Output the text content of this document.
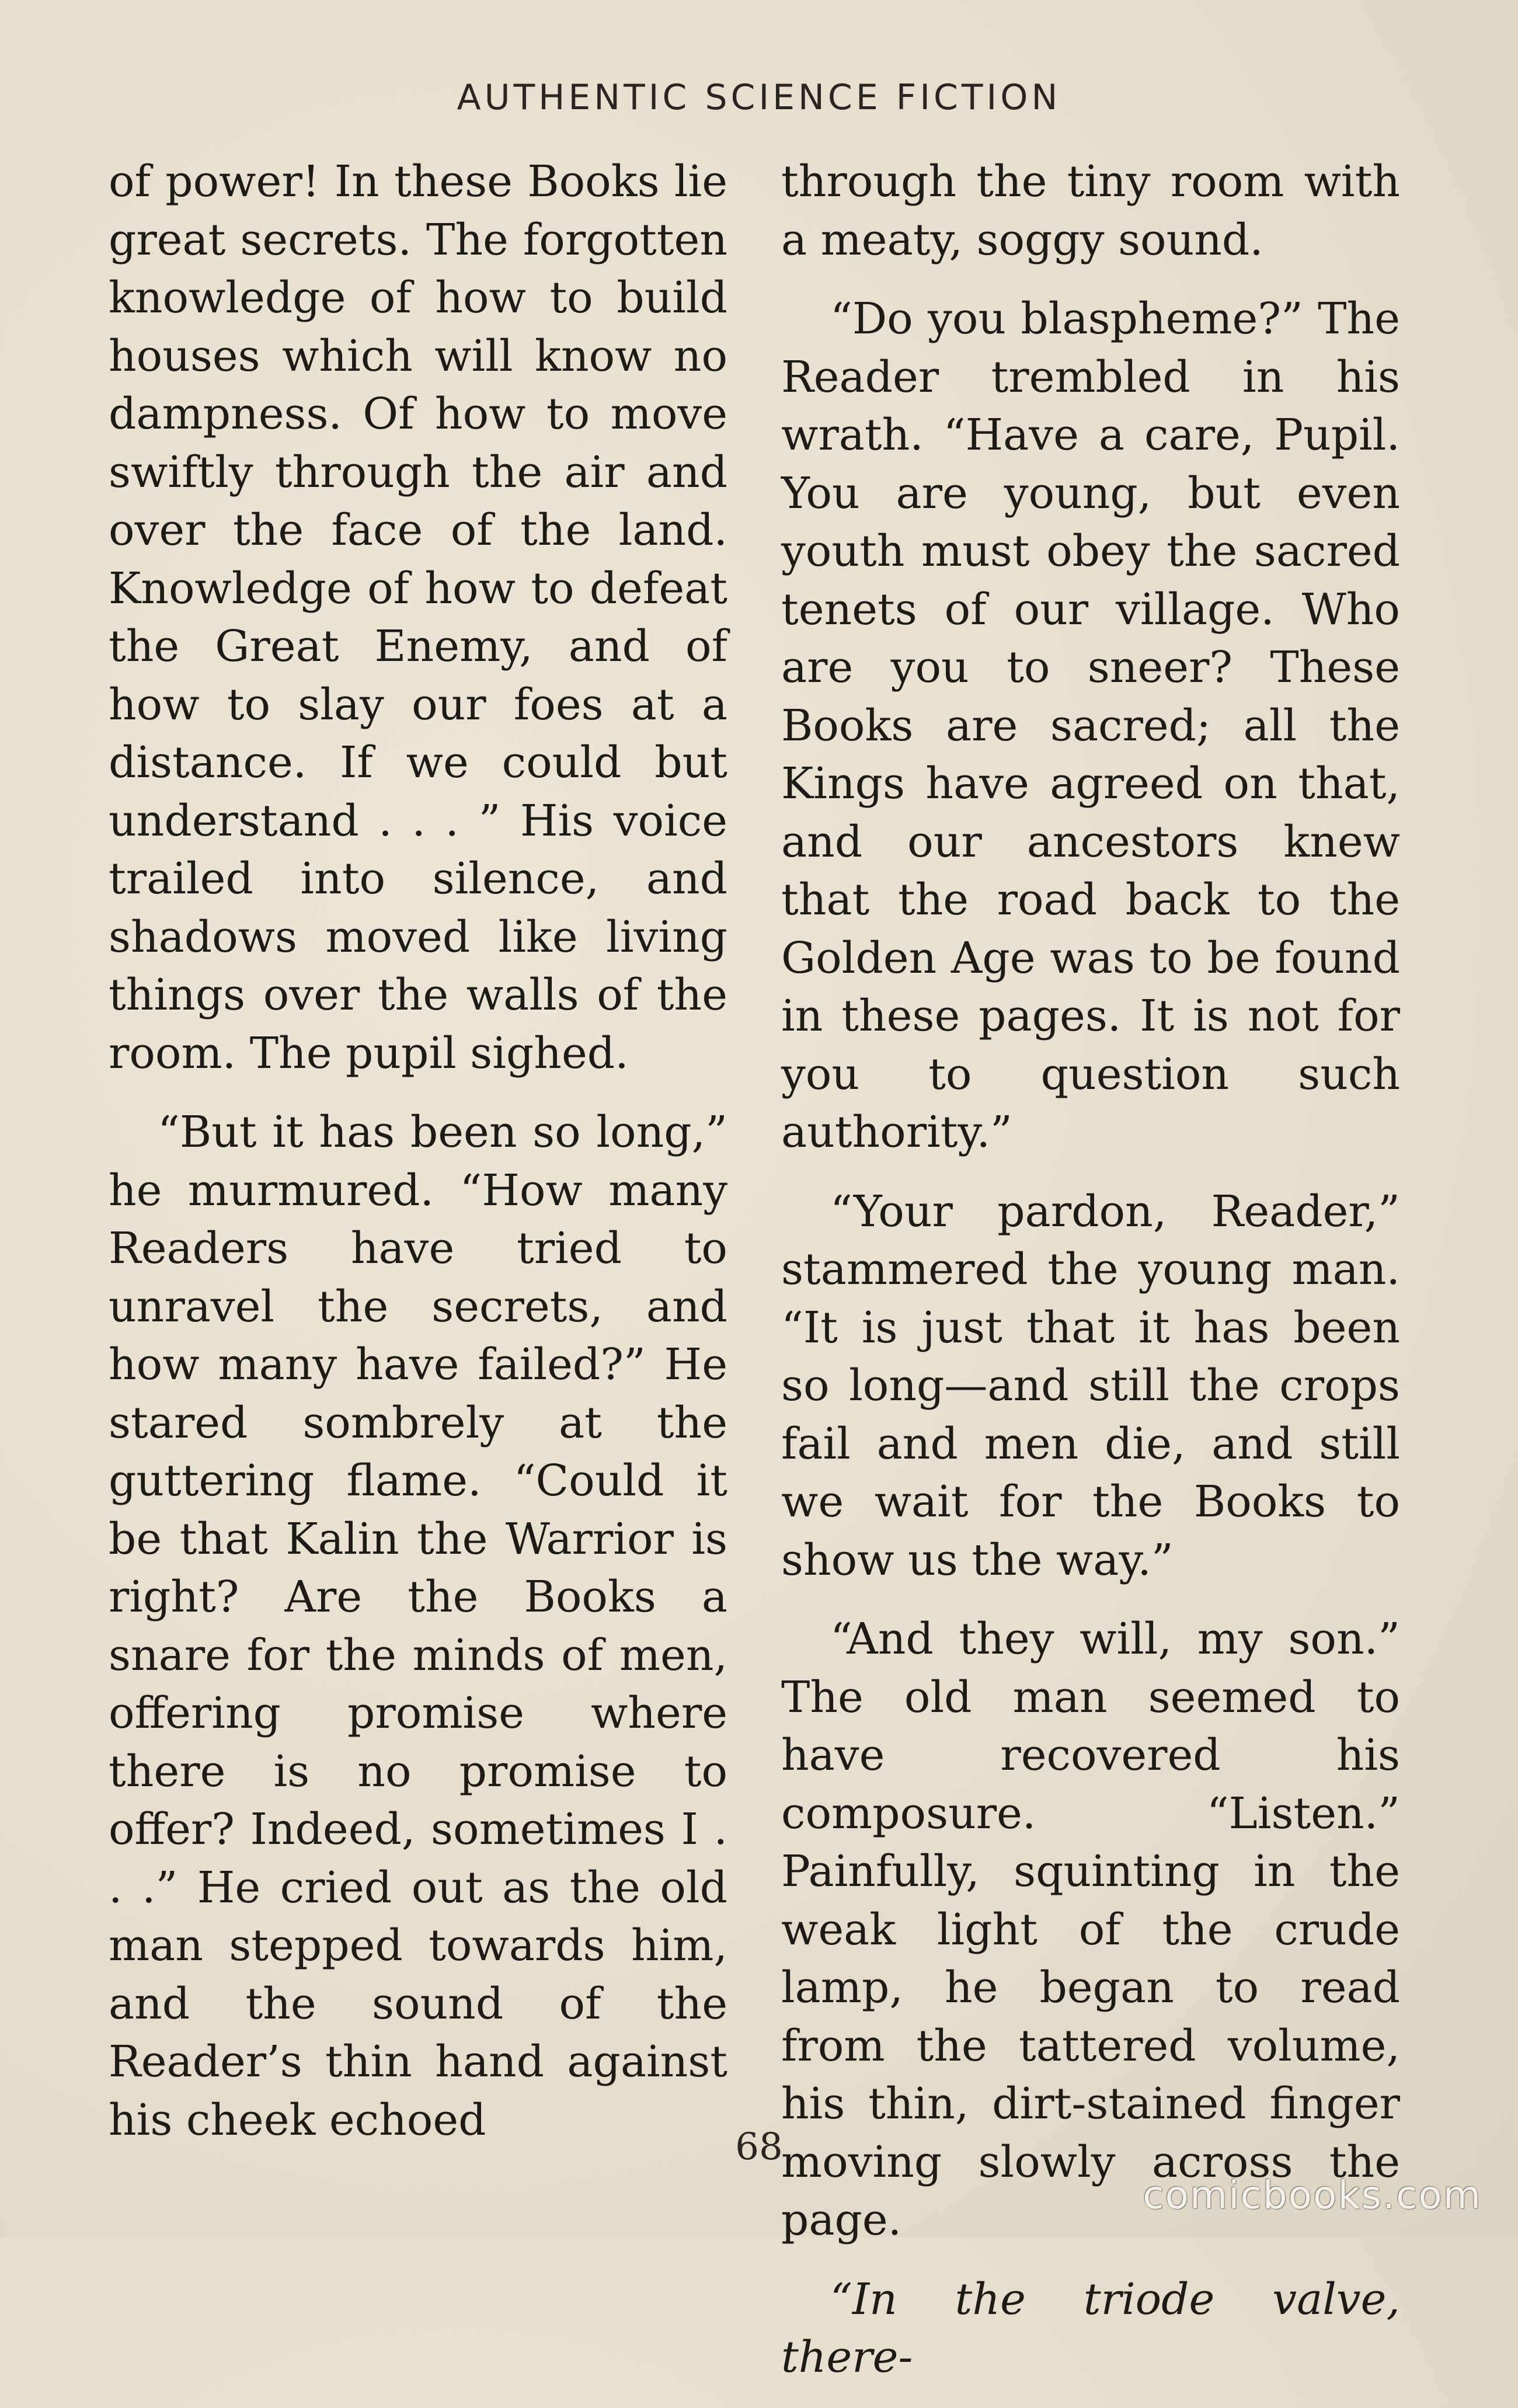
AUTHENTIC SCIENCE FICTION

of power! In these Books lie great secrets. The forgotten knowledge of how to build houses which will know no dampness. Of how to move swiftly through the air and over the face of the land. Knowledge of how to defeat the Great Enemy, and of how to slay our foes at a distance. If we could but understand . . . ” His voice trailed into silence, and shadows moved like living things over the walls of the room. The pupil sighed.

“But it has been so long,” he murmured. “How many Readers have tried to unravel the secrets, and how many have failed?” He stared sombrely at the guttering flame. “Could it be that Kalin the Warrior is right? Are the Books a snare for the minds of men, offering promise where there is no promise to offer? Indeed, sometimes I . . .” He cried out as the old man stepped towards him, and the sound of the Reader’s thin hand against his cheek echoed

through the tiny room with a meaty, soggy sound.

“Do you blaspheme?” The Reader trembled in his wrath. “Have a care, Pupil. You are young, but even youth must obey the sacred tenets of our village. Who are you to sneer? These Books are sacred; all the Kings have agreed on that, and our ancestors knew that the road back to the Golden Age was to be found in these pages. It is not for you to question such authority.”

“Your pardon, Reader,” stammered the young man. “It is just that it has been so long—and still the crops fail and men die, and still we wait for the Books to show us the way.”

“And they will, my son.” The old man seemed to have recovered his composure. “Listen.” Painfully, squinting in the weak light of the crude lamp, he began to read from the tattered volume, his thin, dirt-stained finger moving slowly across the page.

“In the triode valve, there-

68
comicbooks.com
